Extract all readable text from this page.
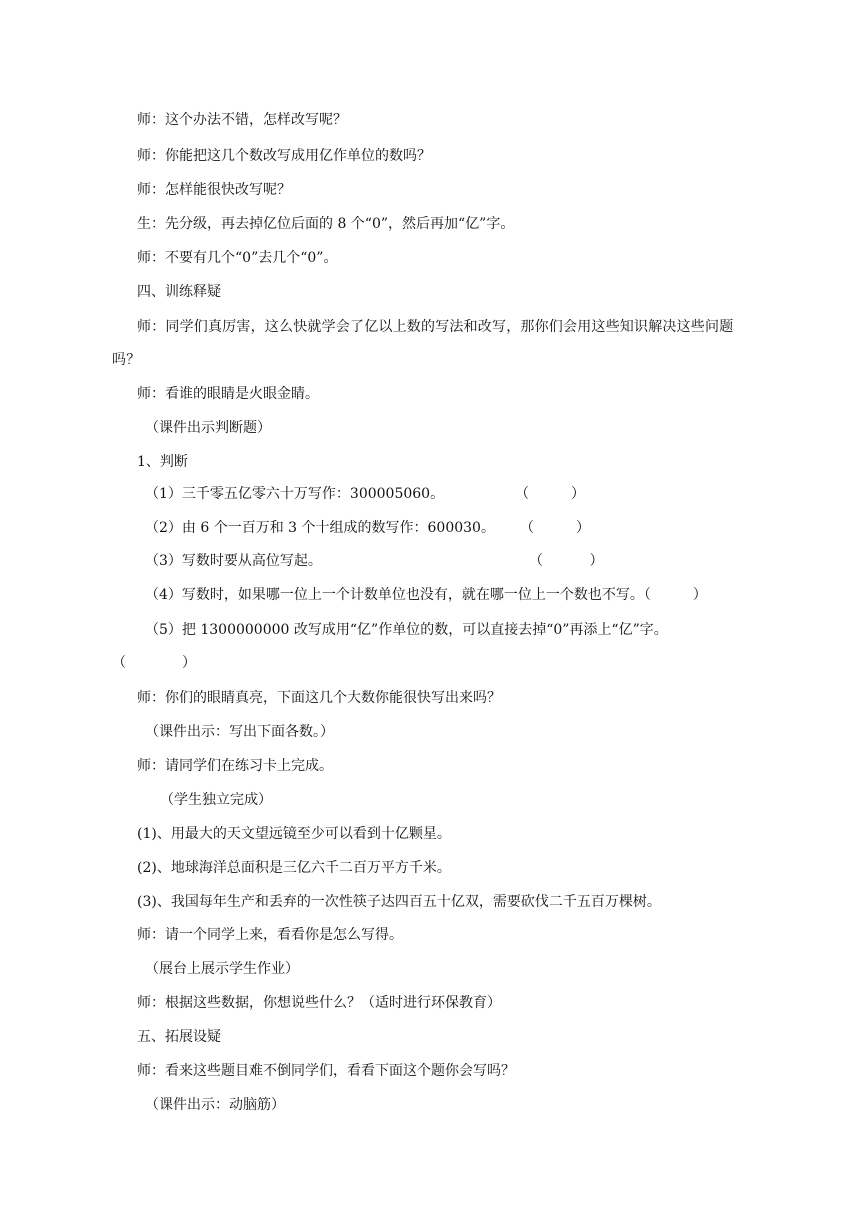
师：这个办法不错，怎样改写呢？
师：你能把这几个数改写成用亿作单位的数吗？
师：怎样能很快改写呢？
生：先分级，再去掉亿位后面的 8 个“0”，然后再加“亿”字。
师：不要有几个“0”去几个“0”。
四、训练释疑
师：同学们真厉害，这么快就学会了亿以上数的写法和改写，那你们会用这些知识解决这些问题吗？
师：看谁的眼睛是火眼金睛。
（课件出示判断题）
1、判断
（1）三千零五亿零六十万写作：300005060。	（　　　）
（2）由 6 个一百万和 3 个十组成的数写作：600030。 （　　　）
（3）写数时要从高位写起。	（　　　 ）
（4）写数时，如果哪一位上一个计数单位也没有，就在哪一位上一个数也不写。（　　　）
（5）把 1300000000 改写成用“亿”作单位的数，可以直接去掉“0”再添上“亿”字。
（　　　　）
师：你们的眼睛真亮，下面这几个大数你能很快写出来吗？
（课件出示：写出下面各数。）
师：请同学们在练习卡上完成。
（学生独立完成）
(1)、用最大的天文望远镜至少可以看到十亿颗星。
(2)、地球海洋总面积是三亿六千二百万平方千米。
(3)、我国每年生产和丢弃的一次性筷子达四百五十亿双，需要砍伐二千五百万棵树。
师：请一个同学上来，看看你是怎么写得。
（展台上展示学生作业）
师：根据这些数据，你想说些什么？（适时进行环保教育）
五、拓展设疑
师：看来这些题目难不倒同学们，看看下面这个题你会写吗？
（课件出示：动脑筋）
